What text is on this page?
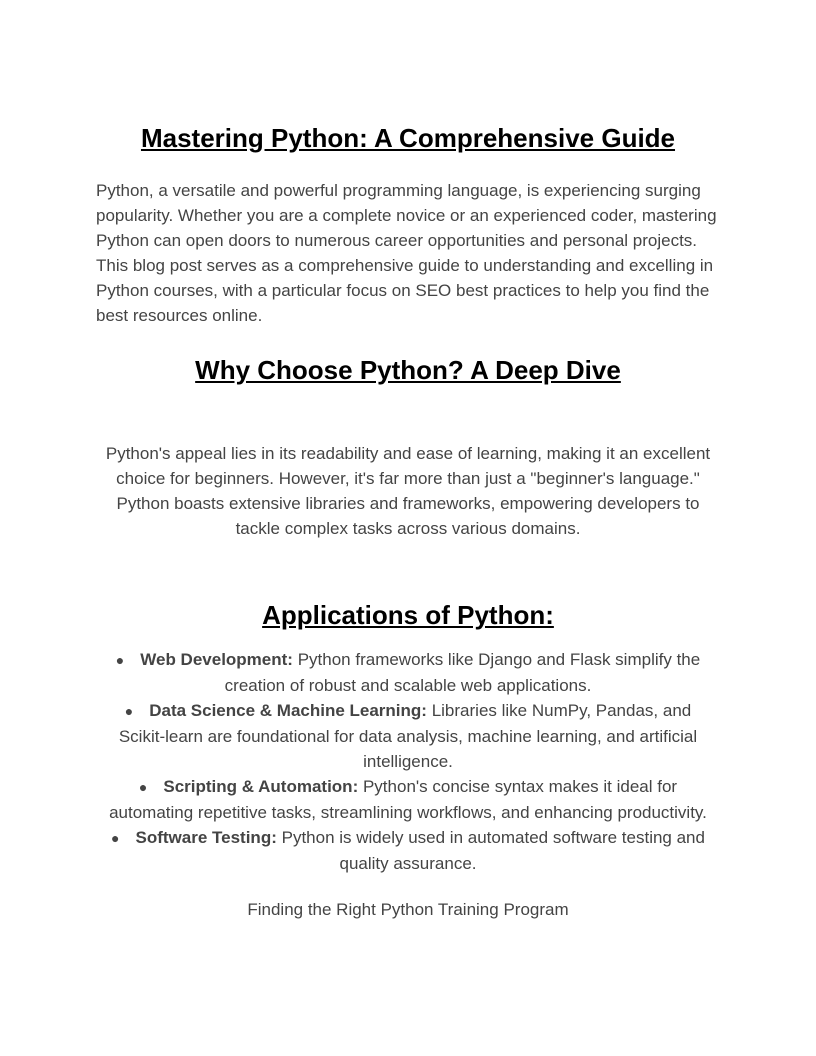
Mastering Python: A Comprehensive Guide

Python, a versatile and powerful programming language, is experiencing surging popularity. Whether you are a complete novice or an experienced coder, mastering Python can open doors to numerous career opportunities and personal projects. This blog post serves as a comprehensive guide to understanding and excelling in Python courses, with a particular focus on SEO best practices to help you find the best resources online.

Why Choose Python? A Deep Dive

Python's appeal lies in its readability and ease of learning, making it an excellent choice for beginners. However, it's far more than just a "beginner's language." Python boasts extensive libraries and frameworks, empowering developers to tackle complex tasks across various domains.

Applications of Python:
● Web Development: Python frameworks like Django and Flask simplify the creation of robust and scalable web applications.
● Data Science & Machine Learning: Libraries like NumPy, Pandas, and Scikit-learn are foundational for data analysis, machine learning, and artificial intelligence.
● Scripting & Automation: Python's concise syntax makes it ideal for automating repetitive tasks, streamlining workflows, and enhancing productivity.
● Software Testing: Python is widely used in automated software testing and quality assurance.

Finding the Right Python Training Program
